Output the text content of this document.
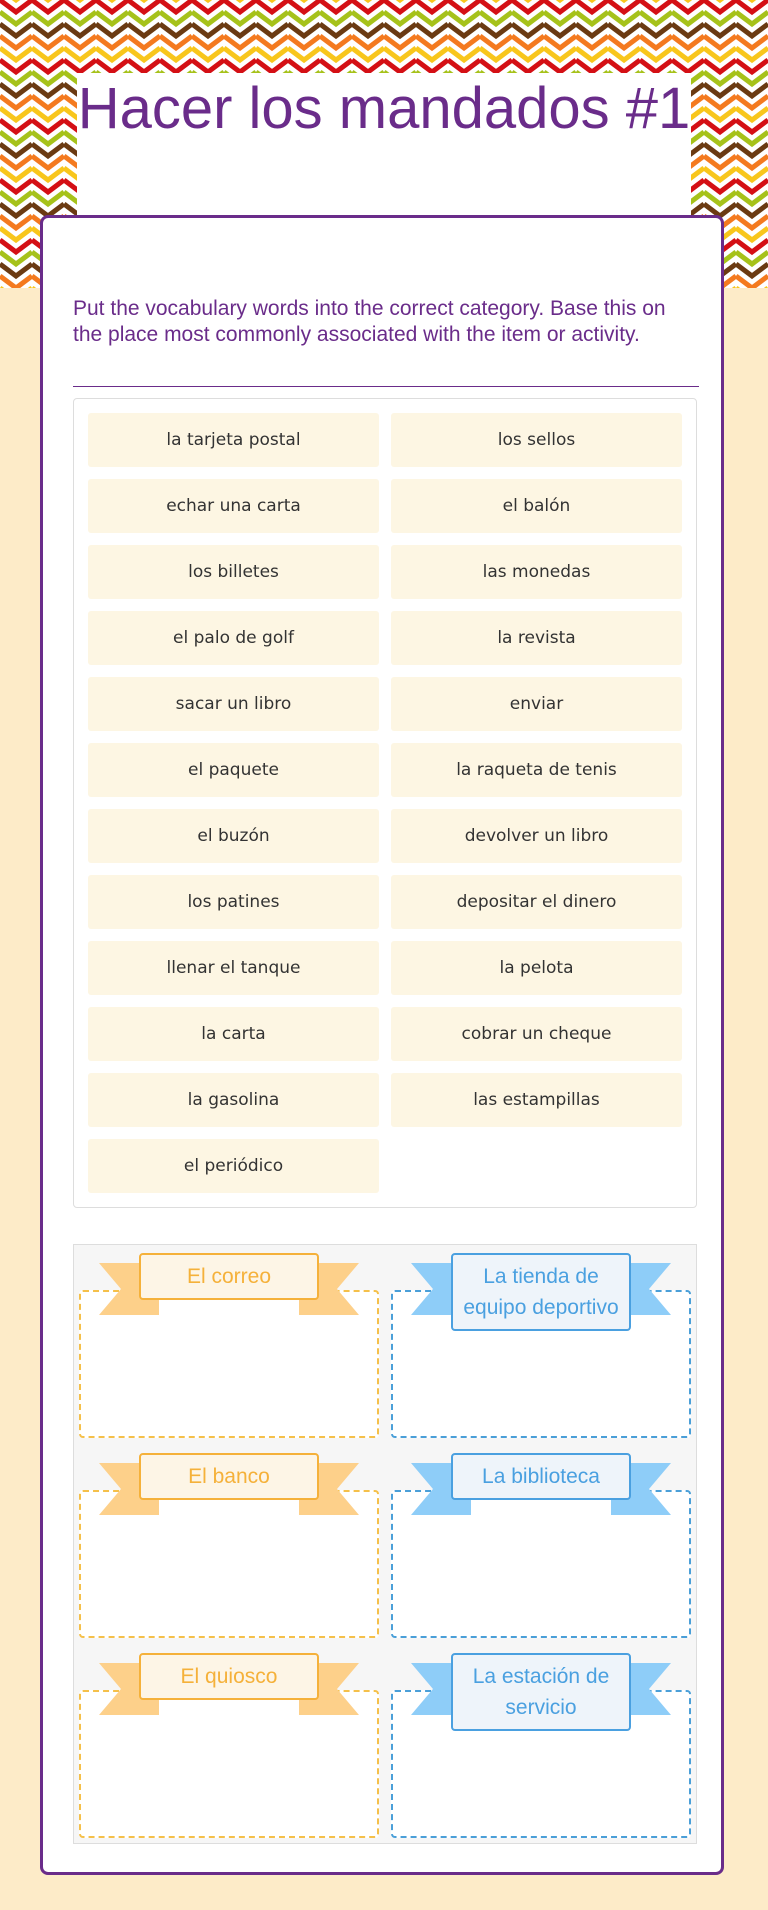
Hacer los mandados #1
Put the vocabulary words into the correct category. Base this on the place most commonly associated with the item or activity.
la tarjeta postal	los sellos
echar una carta	el balón
los billetes	las monedas
el palo de golf	la revista
sacar un libro	enviar
el paquete	la raqueta de tenis
el buzón	devolver un libro
los patines	depositar el dinero
llenar el tanque	la pelota
la carta	cobrar un cheque
la gasolina	las estampillas
el periódico
El correo	La tienda de equipo deportivo
El banco	La biblioteca
El quiosco	La estación de servicio
